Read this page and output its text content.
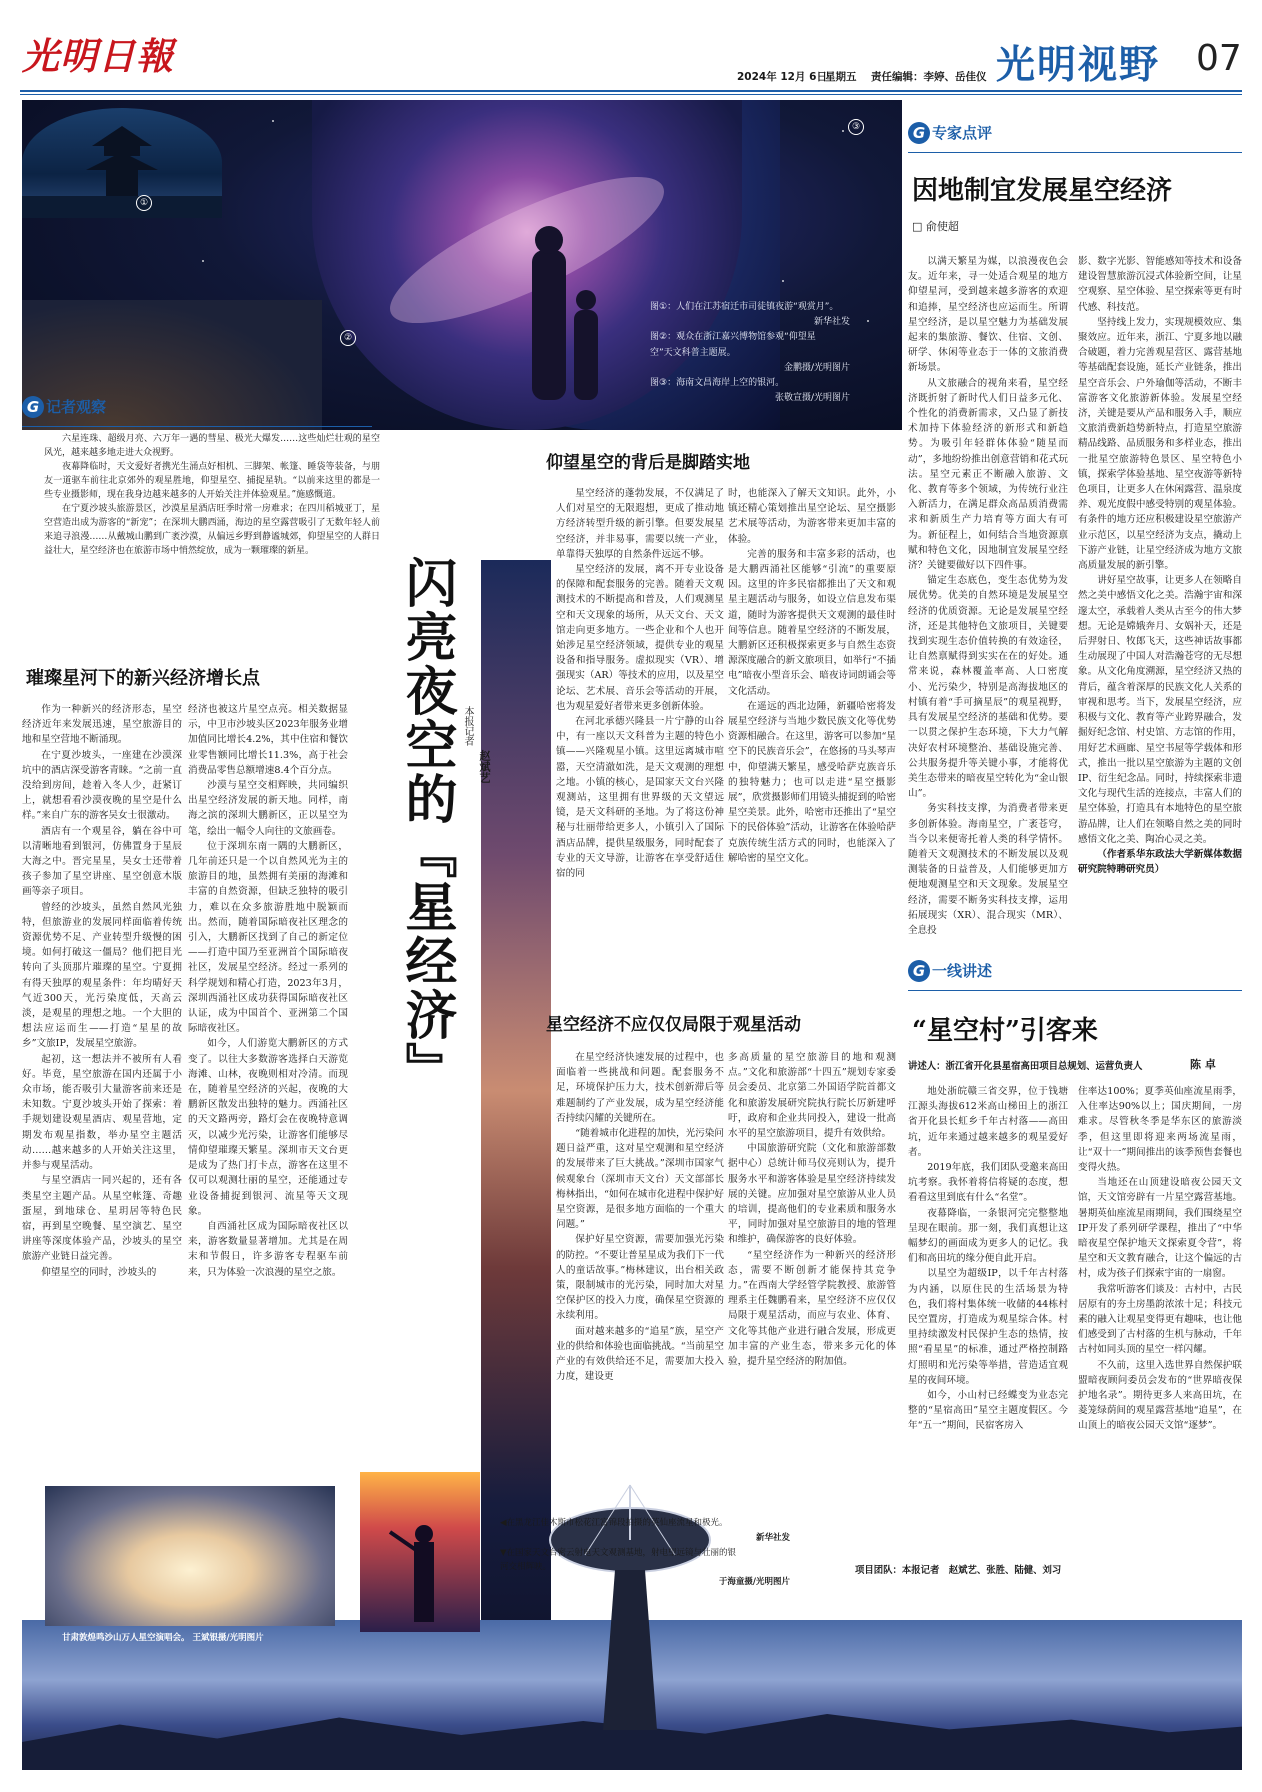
光明日報	2024年 12月 6日
星期五 责任编辑：李婷、岳佳仪 光明视野 07
①
②
③
图①：人们在江苏宿迁市司徒镇夜游“观赏月”。
新华社发
图②：观众在浙江嘉兴博物馆参观“仰望星
空”天文科普主题展。
金鹏摄/光明图片
图③：海南文昌海岸上空的银河。
张敬宣摄/光明图片
G 记者观察

六星连珠、超级月亮、六万年一遇的彗星、极光大爆发……这些灿烂壮观的星空风光，越来越多地走进大众视野。

夜幕降临时，天文爱好者携光生涌点好相机、三脚架、帐篷、睡袋等装备，与朋友一道驱车前往北京郊外的观星胜地，仰望星空、捕捉星轨。“以前来这里的都是一些专业摄影师，现在我身边越来越多的人开始关注并体验观星。”施感慨道。

在宁夏沙坡头旅游景区，沙漠星星酒店旺季时常一房难求；在四川稻城亚丁，星空营造出成为游客的“新宠”；在深圳大鹏西涌，海边的星空露营吸引了无数年轻人前来追寻浪漫……从戴城山鹏到广袤沙漠，从偏远乡野到静谧城郊，仰望星空的人群日益壮大，星空经济也在旅游市场中悄然绽放，成为一颗璀璨的新星。

璀璨星河下的新兴经济增长点

作为一种新兴的经济形态，星空经济近年来发展迅速，星空旅游目的地和星空营地不断涌现。

在宁夏沙坡头，一座建在沙漠深坑中的酒店深受游客青睐。“之前一直没给到房间，趁着入冬人少，赶紧订上，就想看看沙漠夜晚的星空是什么样。”来自广东的游客吴女士很激动。

酒店有一个观星谷，躺在谷中可以清晰地看到银河，仿佛置身于星辰大海之中。晋完星星，吴女士还带着孩子参加了星空讲座、星空创意木版画等亲子项目。

曾经的沙坡头，虽然自然风光独特，但旅游业的发展同样面临着传统资源优势不足、产业转型升级慢的困境。如何打破这一僵局？他们把目光转向了头顶那片璀璨的星空。宁夏拥有得天独厚的观星条件：年均晴好天气近300天，光污染度低，天高云淡，是观星的理想之地。一个大胆的想法应运而生——打造“星星的故乡”文旅IP，发展星空旅游。

起初，这一想法并不被所有人看好。毕竟，星空旅游在国内还属于小众市场，能否吸引大量游客前来还是未知数。宁夏沙坡头开始了探索：着手规划建设观星酒店、观星营地，定期发布观星指数，举办星空主题活动……越来越多的人开始关注这里，并参与观星活动。

与星空酒店一同兴起的，还有各类星空主题产品。从星空帐篷、奇趣蛋屋，到地球仓、星玥居等特色民宿，再到星空晚餐、星空演艺、星空讲座等深度体验产品，沙坡头的星空旅游产业链日益完善。

仰望星空的同时，沙坡头的

经济也被这片星空点亮。相关数据显示，中卫市沙坡头区2023年服务业增加值同比增长4.2%，其中住宿和餐饮业零售额同比增长11.3%，高于社会消费品零售总额增速8.4个百分点。

沙漠与星空交相辉映，共同编织出星空经济发展的新天地。同样，南海之滨的深圳大鹏新区，正以星空为笔，绘出一幅令人向往的文旅画卷。

位于深圳东南一隅的大鹏新区，几年前还只是一个以自然风光为主的旅游目的地，虽然拥有美丽的海滩和丰富的自然资源，但缺乏独特的吸引力，难以在众多旅游胜地中脱颖而出。然而，随着国际暗夜社区理念的引入，大鹏新区找到了自己的新定位——打造中国乃至亚洲首个国际暗夜社区，发展星空经济。经过一系列的科学规划和精心打造，2023年3月，深圳西涌社区成功获得国际暗夜社区认证，成为中国首个、亚洲第二个国际暗夜社区。

如今，人们游览大鹏新区的方式变了。以往大多数游客选择白天游览海滩、山林，夜晚则相对冷清。而现在，随着星空经济的兴起，夜晚的大鹏新区散发出独特的魅力。西涌社区的天文路两旁，路灯会在夜晚特意调灭，以减少光污染，让游客们能够尽情仰望璀璨天繁星。深圳市天文台更是成为了热门打卡点，游客在这里不仅可以观测壮丽的星空，还能通过专业设备捕捉到银河、流星等天文现象。

自西涌社区成为国际暗夜社区以来，游客数量显著增加。尤其是在周末和节假日，许多游客专程驱车前来，只为体验一次浪漫的星空之旅。

闪亮夜空的『星经济』 本报记者
赵斌艺
仰望星空的背后是脚踏实地

星空经济的蓬勃发展，不仅满足了人们对星空的无限遐想，更成了推动地方经济转型升级的新引擎。但要发展星空经济，并非易事，需要以统一产业，单靠得天独厚的自然条件远远不够。

星空经济的发展，离不开专业设备的保障和配套服务的完善。随着天文观测技术的不断提高和普及，人们观测星空和天文现象的场所，从天文台、天文馆走向更多地方。一些企业和个人也开始涉足星空经济领域，提供专业的观星设备和指导服务。虚拟现实（VR）、增强现实（AR）等技术的应用，以及星空论坛、艺术展、音乐会等活动的开展，也为观星爱好者带来更多创新体验。

在河北承德兴隆县一片宁静的山谷中，有一座以天文科普为主题的特色小镇——兴隆观星小镇。这里远离城市喧嚣，天空清澈如洗，是天文观测的理想之地。小镇的核心，是国家天文台兴隆观测站，这里拥有世界级的天文望远镜，是天文科研的圣地。为了将这份神秘与壮丽带给更多人，小镇引入了国际酒店品牌，提供星级服务，同时配套了专业的天文导游，让游客在享受舒适住宿的同

时，也能深入了解天文知识。此外，小镇还精心策划推出星空论坛、星空摄影艺术展等活动，为游客带来更加丰富的体验。

完善的服务和丰富多彩的活动，也是大鹏西涌社区能够“引流”的重要原因。这里的许多民宿都推出了天文和观星主题活动与服务，如设立信息发布渠道，随时为游客提供天文观测的最佳时间等信息。随着星空经济的不断发展，大鹏新区还积极探索更多与自然生态资源深度融合的新文旅项目，如举行“不插电”暗夜小型音乐会、暗夜诗词朗诵会等文化活动。

在遥远的西北边陲，新疆哈密将发展星空经济与当地少数民族文化等优势资源相融合。在这里，游客可以参加“星空下的民族音乐会”，在悠扬的马头琴声中，仰望满天繁星，感受哈萨克族音乐的独特魅力；也可以走进“星空摄影展”，欣赏摄影师们用镜头捕捉到的哈密星空美景。此外，哈密市还推出了“星空下的民俗体验”活动，让游客在体验哈萨克族传统生活方式的同时，也能深入了解哈密的星空文化。

星空经济不应仅仅局限于观星活动

在星空经济快速发展的过程中，也面临着一些挑战和问题。配套服务不足，环境保护压力大，技术创新滞后等难题制约了产业发展，成为星空经济能否持续闪耀的关键所在。

“随着城市化进程的加快，光污染问题日益严重，这对星空观测和星空经济的发展带来了巨大挑战。”深圳市国家气候观象台（深圳市天文台）天文部部长梅林指出，“如何在城市化进程中保护好星空资源，是很多地方面临的一个重大问题。”

保护好星空资源，需要加强光污染的防控。“不要让普星星成为我们下一代人的童话故事。”梅林建议，出台相关政策，限制城市的光污染，同时加大对星空保护区的投入力度，确保星空资源的永续利用。

面对越来越多的“追星”族，星空产业的供给和体验也面临挑战。“当前星空产业的有效供给还不足，需要加大投入力度，建设更

多高质量的星空旅游目的地和观测点。”文化和旅游部“十四五”规划专家委员会委员、北京第二外国语学院首都文化和旅游发展研究院执行院长厉新建呼吁，政府和企业共同投入，建设一批高水平的星空旅游项目，提升有效供给。

中国旅游研究院（文化和旅游部数据中心）总统计师马仪亮则认为，提升服务水平和游客体验是星空经济持续发展的关键。应加强对星空旅游从业人员的培训，提高他们的专业素质和服务水平，同时加强对星空旅游目的地的管理和维护，确保游客的良好体验。

“星空经济作为一种新兴的经济形态，需要不断创新才能保持其竞争力。”在西南大学经管学院教授、旅游管理系主任魏鹏看来，星空经济不应仅仅局限于观星活动，而应与农业、体育、文化等其他产业进行融合发展，形成更加丰富的产业生态，带来多元化的体验，提升星空经济的附加值。

G 专家点评
因地制宜发展星空经济
□ 俞使超

以满天繁星为媒，以浪漫夜色会友。近年来，寻一处适合观星的地方仰望星河，受到越来越多游客的欢迎和追捧，星空经济也应运而生。所谓星空经济，是以星空魅力为基础发展起来的集旅游、餐饮、住宿、文创、研学、休闲等业态于一体的文旅消费新场景。

从文旅融合的视角来看，星空经济既折射了新时代人们日益多元化、个性化的消费新需求，又凸显了新技术加持下体验经济的新形式和新趋势。为吸引年轻群体体验“随星而动”，多地纷纷推出创意营销和花式玩法。星空元素正不断融入旅游、文化、教育等多个领域，为传统行业注入新活力，在满足群众高品质消费需求和新质生产力培育等方面大有可为。新征程上，如何结合当地资源禀赋和特色文化，因地制宜发展星空经济？关键要做好以下四件事。

锚定生态底色，变生态优势为发展优势。优美的自然环境是发展星空经济的优质资源。无论是发展星空经济，还是其他特色文旅项目，关键要找到实现生态价值转换的有效途径，让自然禀赋得到实实在在的好处。通常来说，森林覆盖率高、人口密度小、光污染少，特别是高海拔地区的村镇有着“手可摘星辰”的观星视野，具有发展星空经济的基础和优势。要一以贯之保护生态环境，下大力气解决好农村环境整治、基础设施完善、公共服务提升等关键小事，才能将优美生态带来的暗夜星空转化为“金山银山”。

务实科技支撑，为消费者带来更多创新体验。海南星空，广袤苍穹，当今以来便寄托着人类的科学情怀。随着天文观测技术的不断发展以及观测装备的日益普及，人们能够更加方便地观测星空和天文现象。发展星空经济，需要不断务实科技支撑，运用拓展现实（XR）、混合现实（MR）、全息投

影、数字光影、智能感知等技术和设备建设智慧旅游沉浸式体验新空间，让星空观察、星空体验、星空探索等更有时代感、科技范。

坚持线上发力，实现规模效应、集聚效应。近年来，浙江、宁夏多地以融合破题，着力完善观星营区、露营基地等基础配套设施，延长产业链条，推出星空音乐会、户外瑜伽等活动，不断丰富游客文化旅游新体验。发展星空经济，关键是要从产品和服务入手，顺应文旅消费新趋势新特点，打造星空旅游精品线路、品质服务和多样业态，推出一批星空旅游特色景区、星空特色小镇，探索学体验基地、星空夜游等新特色项目，让更多人在休闲露营、温泉度养、观光度假中感受特别的观星体验。有条件的地方还应积极建设星空旅游产业示范区，以星空经济为支点，撬动上下游产业链，让星空经济成为地方文旅高质量发展的新引擎。

讲好星空故事，让更多人在领略自然之美中感悟文化之美。浩瀚宇宙和深邃太空，承载着人类从古至今的伟大梦想。无论是嫦娥奔月、女娲补天，还是后羿射日、牧郎飞天，这些神话故事都生动展现了中国人对浩瀚苍穹的无尽想象。从文化角度溯源，星空经济又热的背后，蕴含着深厚的民族文化人关系的审视和思考。当下，发展星空经济，应积极与文化、教育等产业跨界融合，发掘好纪念馆、村史馆、方志馆的作用，用好艺术画廊、星空书屋等学载体和形式，推出一批以星空旅游为主题的文创IP、衍生纪念品。同时，持续探索非遗文化与现代生活的连接点，丰富人们的星空体验，打造具有本地特色的星空旅游品牌，让人们在领略自然之美的同时感悟文化之美、陶冶心灵之美。

（作者系华东政法大学新媒体数据研究院特聘研究员）

G 一线讲述
“星空村”引客来
讲述人：浙江省开化县星宿高田项目总规划、运营负责人	陈 卓

地处浙皖赣三省交界，位于钱塘江源头海拔612米高山梯田上的浙江省开化县长虹乡千年古村落——高田坑，近年来通过越来越多的观星爱好者。

2019年底，我们团队受邀来高田坑考察。我怀着将信将疑的态度，想看看这里到底有什么“名堂”。

夜幕降临，一条银河完完整整地呈现在眼前。那一刻，我们真想让这幅梦幻的画面成为更多人的记忆。我们和高田坑的缘分便自此开启。

以星空为超级IP，以千年古村落为内涵，以原住民的生活场景为特色，我们将村集体统一收储的44栋村民空置房，打造成为观星综合体。村里持续激发村民保护生态的热情，按照“看星星”的标准，通过严格控制路灯照明和光污染等举措，营造适宜观星的夜间环境。

如今，小山村已经蝶变为业态完整的“星宿高田”星空主题度假区。今年“五一”期间，民宿客房入

住率达100%；夏季英仙座流星雨季，入住率达90%以上；国庆期间，一房难求。尽管秋冬季是华东区的旅游淡季，但这里即将迎来两场流星雨，让“双十一”期间推出的该季预售套餐也变得火热。

当地还在山顶建设暗夜公园天文馆，天文馆旁辟有一片星空露营基地。暑期英仙座流星雨期间，我们围绕星空IP开发了系列研学课程，推出了“中华暗夜星空保护地天文探索夏令营”，将星空和天文教育融合，让这个偏远的古村，成为孩子们探索宇宙的一扇窗。

我常听游客们谈及：古村中，古民居原有的夯土房墨韵浓浓十足；科技元素的融入让观星变得更有趣味，也让他们感受到了古村落的生机与脉动，千年古村如同头顶的星空一样闪耀。

不久前，这里入选世界自然保护联盟暗夜顾问委员会发布的“世界暗夜保护地名录”。期待更多人来高田坑，在菱笼绿荫间的观星露营基地“追星”，在山顶上的暗夜公园天文馆“逐梦”。

项目团队：本报记者　赵斌艺、张胜、陆健、刘习
甘肃敦煌鸣沙山万人星空演唱会。 王斌银摄/光明图片
◀在黑龙江佳木斯市松花江富锦段拍摄的英仙座流星和极光。
新华社发
▼在国家天文台密云射电天文观测基地，射电望远镜与壮丽的银
河交相辉映。
于海童摄/光明图片
